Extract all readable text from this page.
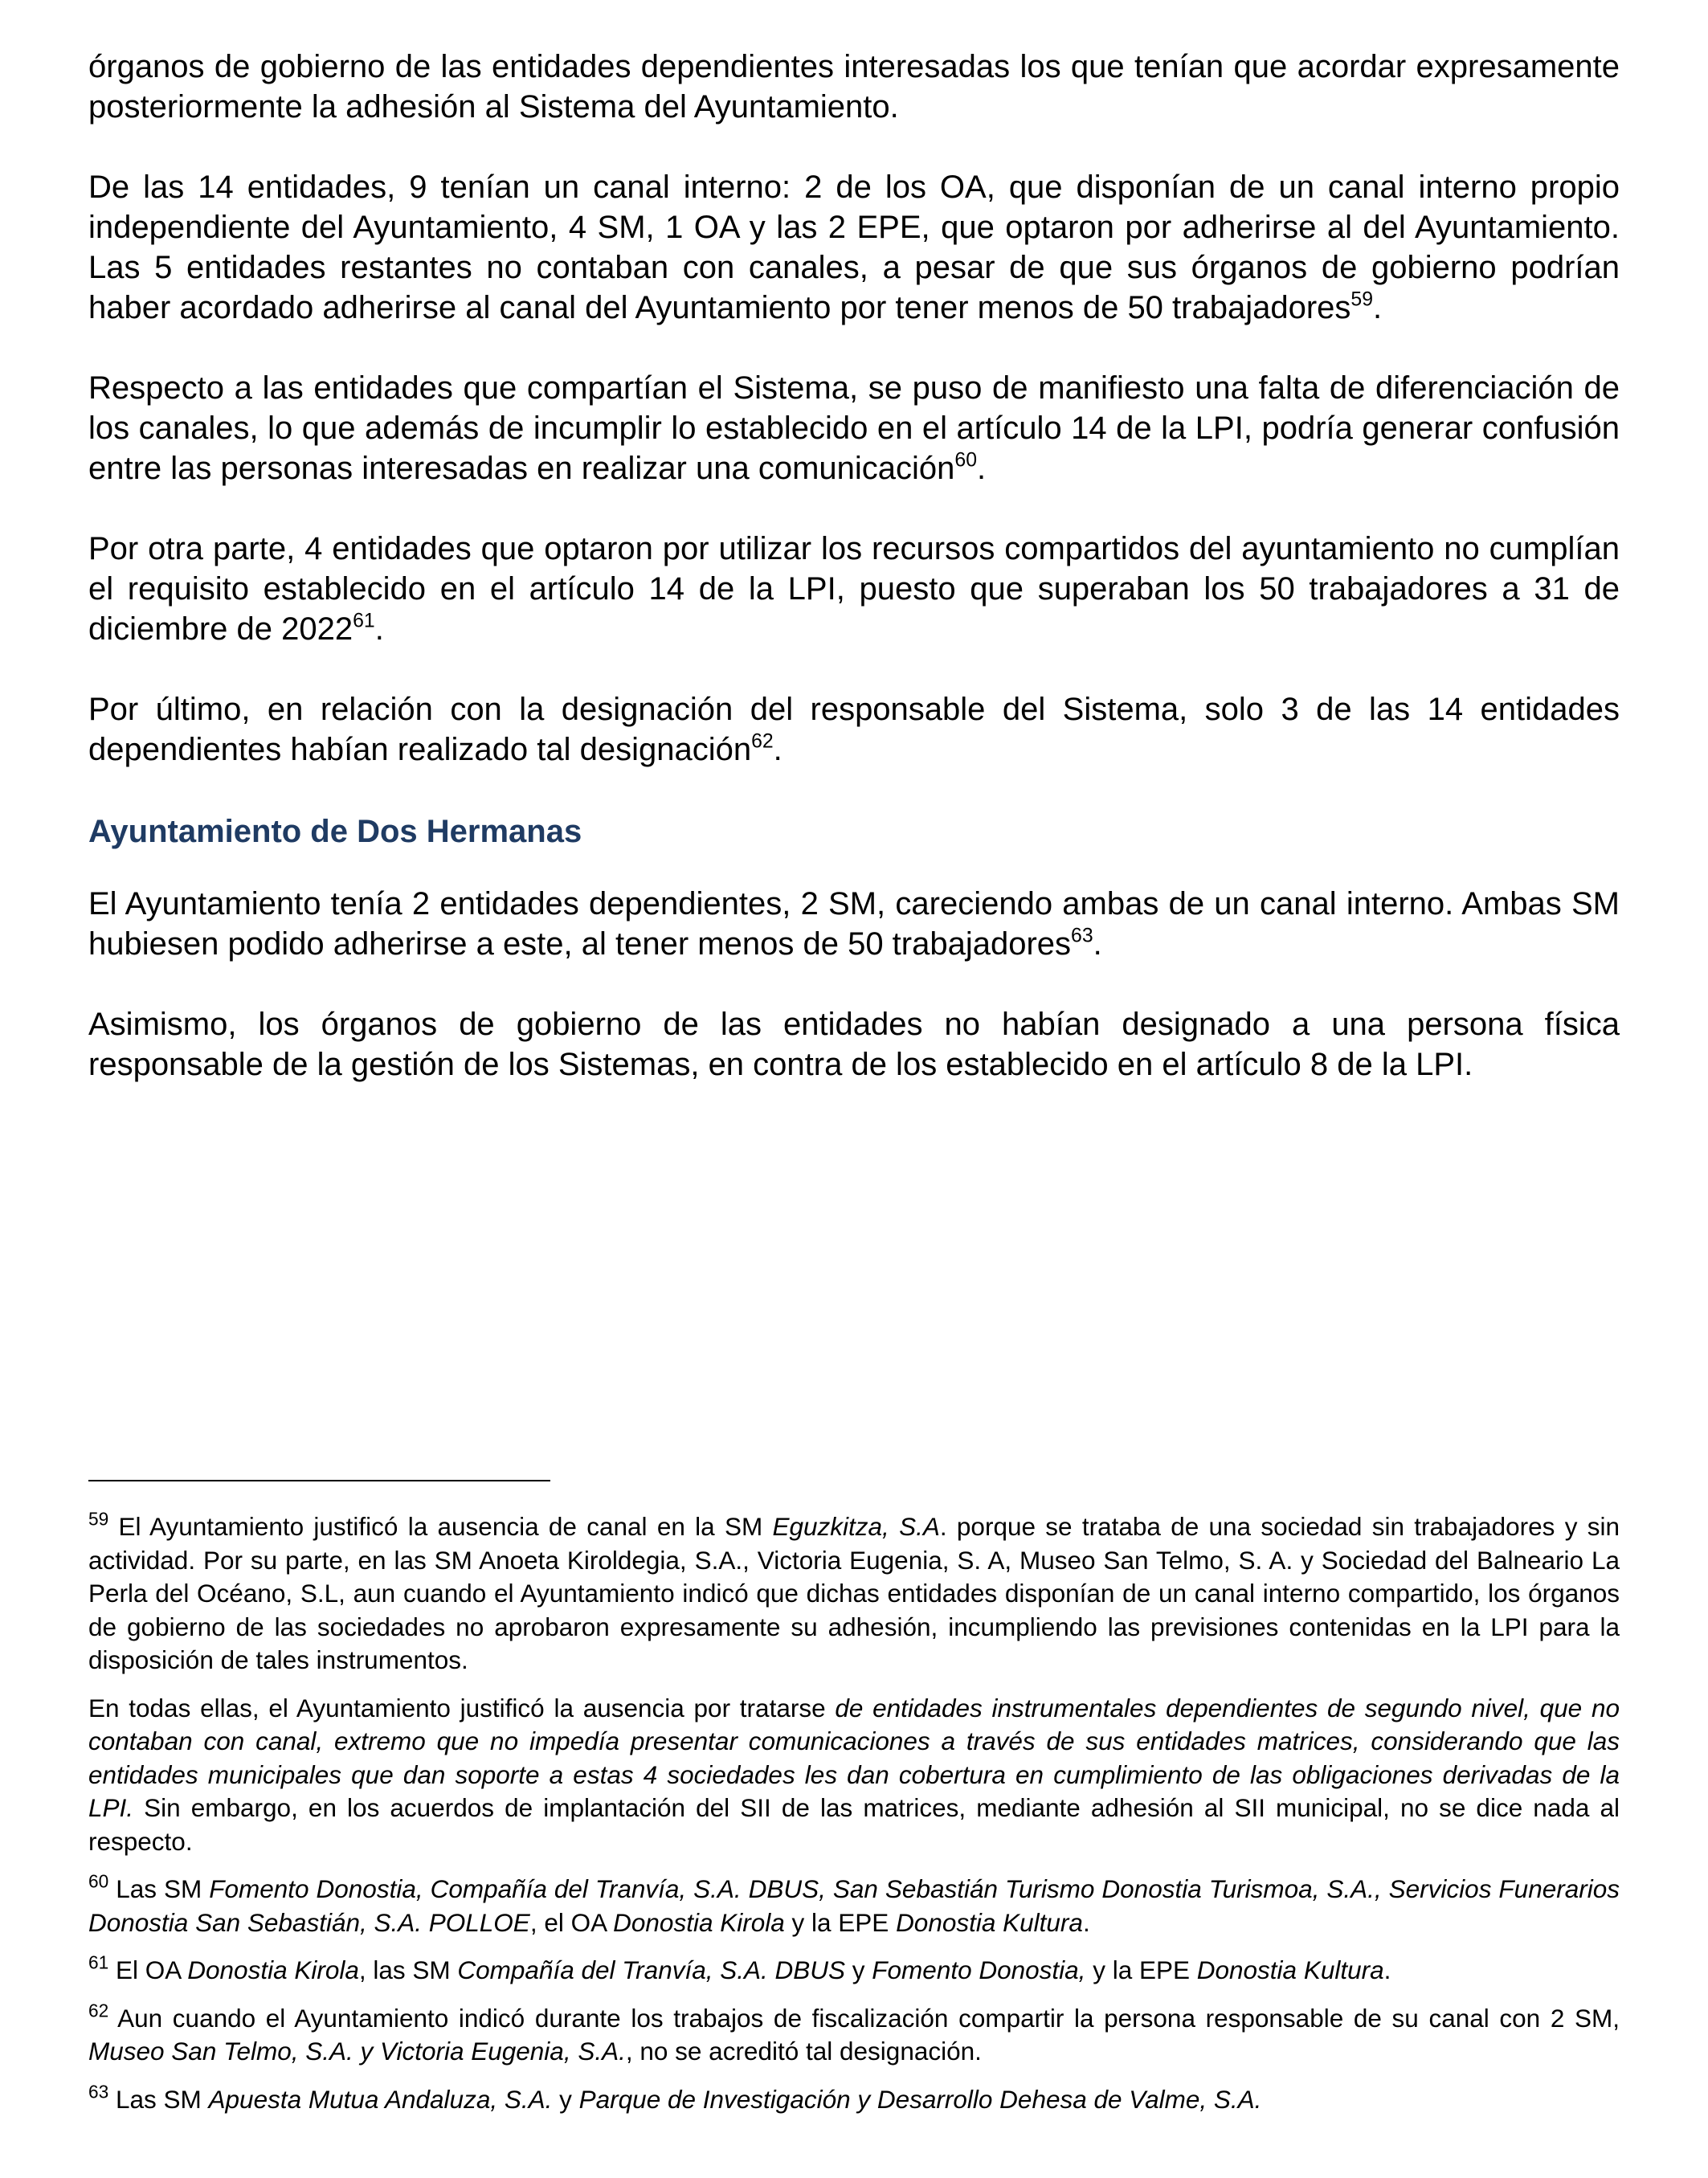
órganos de gobierno de las entidades dependientes interesadas los que tenían que acordar expresamente posteriormente la adhesión al Sistema del Ayuntamiento.

De las 14 entidades, 9 tenían un canal interno: 2 de los OA, que disponían de un canal interno propio independiente del Ayuntamiento, 4 SM, 1 OA y las 2 EPE, que optaron por adherirse al del Ayuntamiento. Las 5 entidades restantes no contaban con canales, a pesar de que sus órganos de gobierno podrían haber acordado adherirse al canal del Ayuntamiento por tener menos de 50 trabajadores$^{59}$.

Respecto a las entidades que compartían el Sistema, se puso de manifiesto una falta de diferenciación de los canales, lo que además de incumplir lo establecido en el artículo 14 de la LPI, podría generar confusión entre las personas interesadas en realizar una comunicación$^{60}$.

Por otra parte, 4 entidades que optaron por utilizar los recursos compartidos del ayuntamiento no cumplían el requisito establecido en el artículo 14 de la LPI, puesto que superaban los 50 trabajadores a 31 de diciembre de 2022$^{61}$.

Por último, en relación con la designación del responsable del Sistema, solo 3 de las 14 entidades dependientes habían realizado tal designación$^{62}$.

Ayuntamiento de Dos Hermanas

El Ayuntamiento tenía 2 entidades dependientes, 2 SM, careciendo ambas de un canal interno. Ambas SM hubiesen podido adherirse a este, al tener menos de 50 trabajadores$^{63}$.

Asimismo, los órganos de gobierno de las entidades no habían designado a una persona física responsable de la gestión de los Sistemas, en contra de los establecido en el artículo 8 de la LPI.

$^{59}$ El Ayuntamiento justificó la ausencia de canal en la SM Eguzkitza, S.A. porque se trataba de una sociedad sin trabajadores y sin actividad. Por su parte, en las SM Anoeta Kiroldegia, S.A., Victoria Eugenia, S. A, Museo San Telmo, S. A. y Sociedad del Balneario La Perla del Océano, S.L, aun cuando el Ayuntamiento indicó que dichas entidades disponían de un canal interno compartido, los órganos de gobierno de las sociedades no aprobaron expresamente su adhesión, incumpliendo las previsiones contenidas en la LPI para la disposición de tales instrumentos.

En todas ellas, el Ayuntamiento justificó la ausencia por tratarse de entidades instrumentales dependientes de segundo nivel, que no contaban con canal, extremo que no impedía presentar comunicaciones a través de sus entidades matrices, considerando que las entidades municipales que dan soporte a estas 4 sociedades les dan cobertura en cumplimiento de las obligaciones derivadas de la LPI. Sin embargo, en los acuerdos de implantación del SII de las matrices, mediante adhesión al SII municipal, no se dice nada al respecto.

$^{60}$ Las SM Fomento Donostia, Compañía del Tranvía, S.A. DBUS, San Sebastián Turismo Donostia Turismoa, S.A., Servicios Funerarios Donostia San Sebastián, S.A. POLLOE, el OA Donostia Kirola y la EPE Donostia Kultura.

$^{61}$ El OA Donostia Kirola, las SM Compañía del Tranvía, S.A. DBUS y Fomento Donostia, y la EPE Donostia Kultura.

$^{62}$ Aun cuando el Ayuntamiento indicó durante los trabajos de fiscalización compartir la persona responsable de su canal con 2 SM, Museo San Telmo, S.A. y Victoria Eugenia, S.A., no se acreditó tal designación.

$^{63}$ Las SM Apuesta Mutua Andaluza, S.A. y Parque de Investigación y Desarrollo Dehesa de Valme, S.A.
